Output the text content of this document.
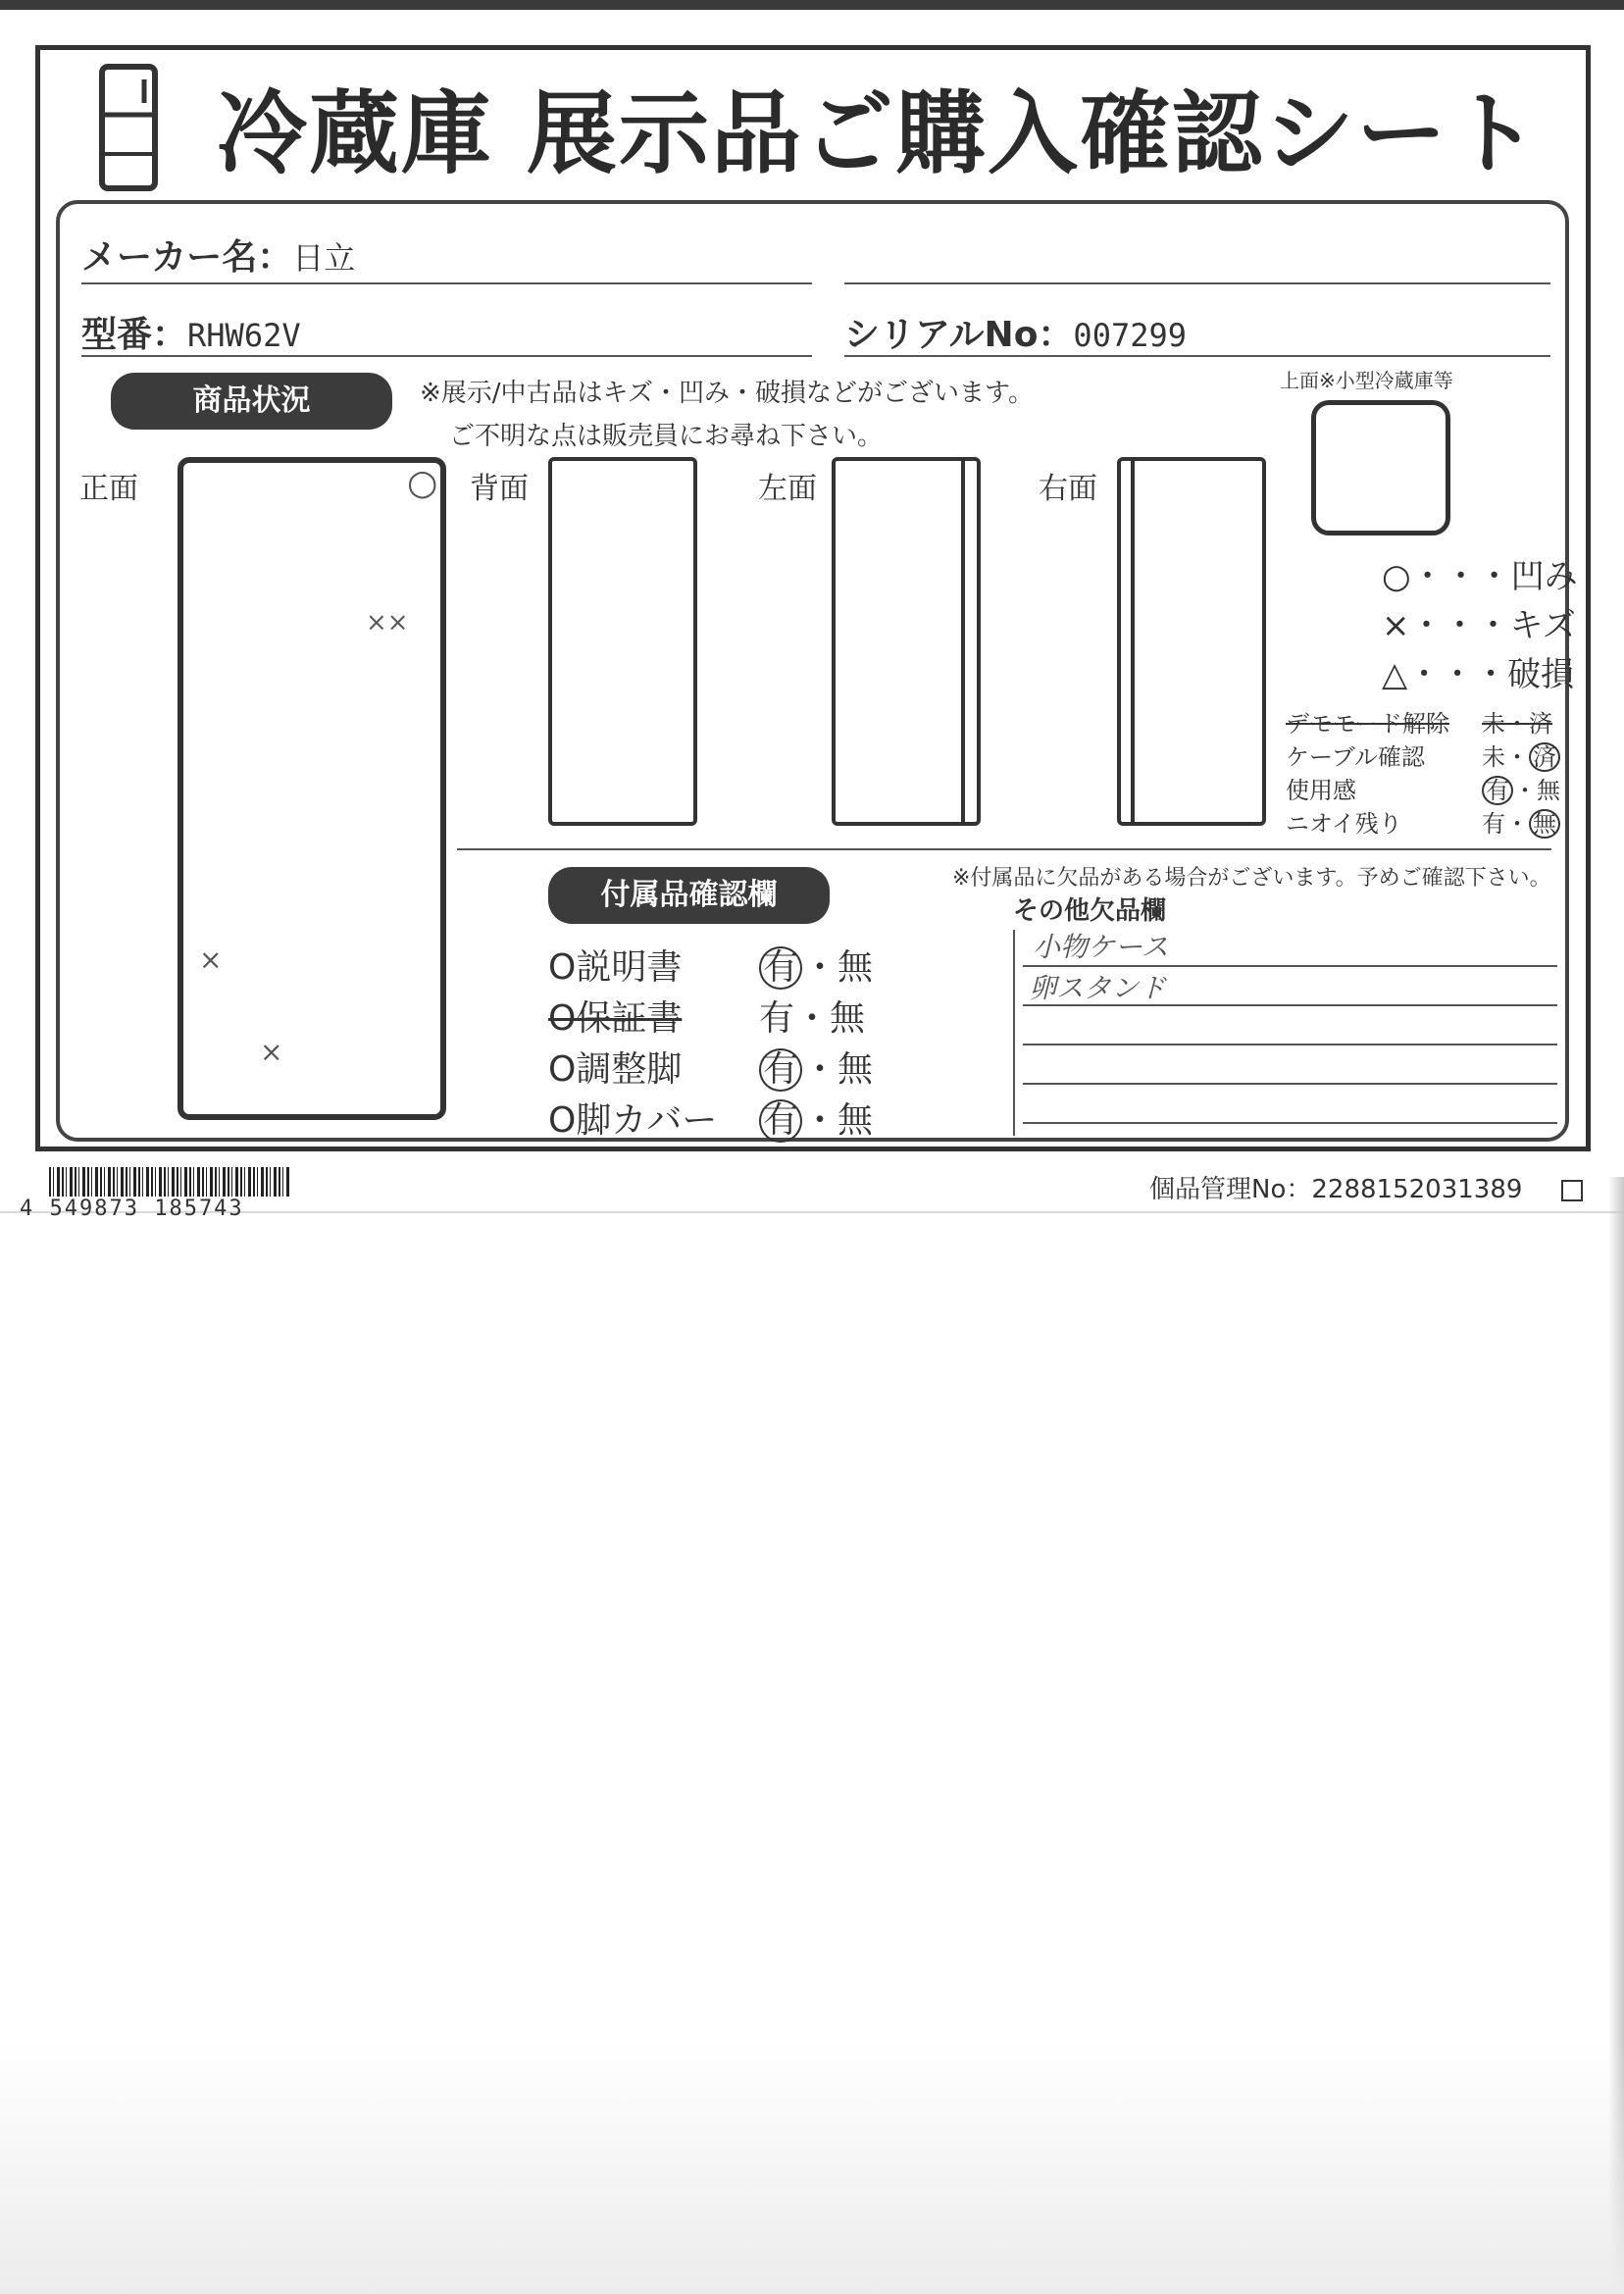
冷蔵庫 展示品ご購入確認シート
メーカー名：日立
型番：RHW62V	シリアルNo：007299
商品状況	※展示/中古品はキズ・凹み・破損などがございます。
ご不明な点は販売員にお尋ね下さい。
正面
××
×
×
○ 背面	左面	右面
上面※小型冷蔵庫等
○・・・凹み
×・・・キズ
△・・・破損
デモモード解除 未・済
ケーブル確認 未・ 済
使用感	有 ・無
ニオイ残り	有・ 無
付属品確認欄	※付属品に欠品がある場合がございます。予めご確認下さい。
O説明書 有 ・無
O保証書 有・無
O調整脚 有 ・無
O脚カバー 有 ・無
その他欠品欄
小物ケース
卵スタンド
4 549873 185743
個品管理No：2288152031389
